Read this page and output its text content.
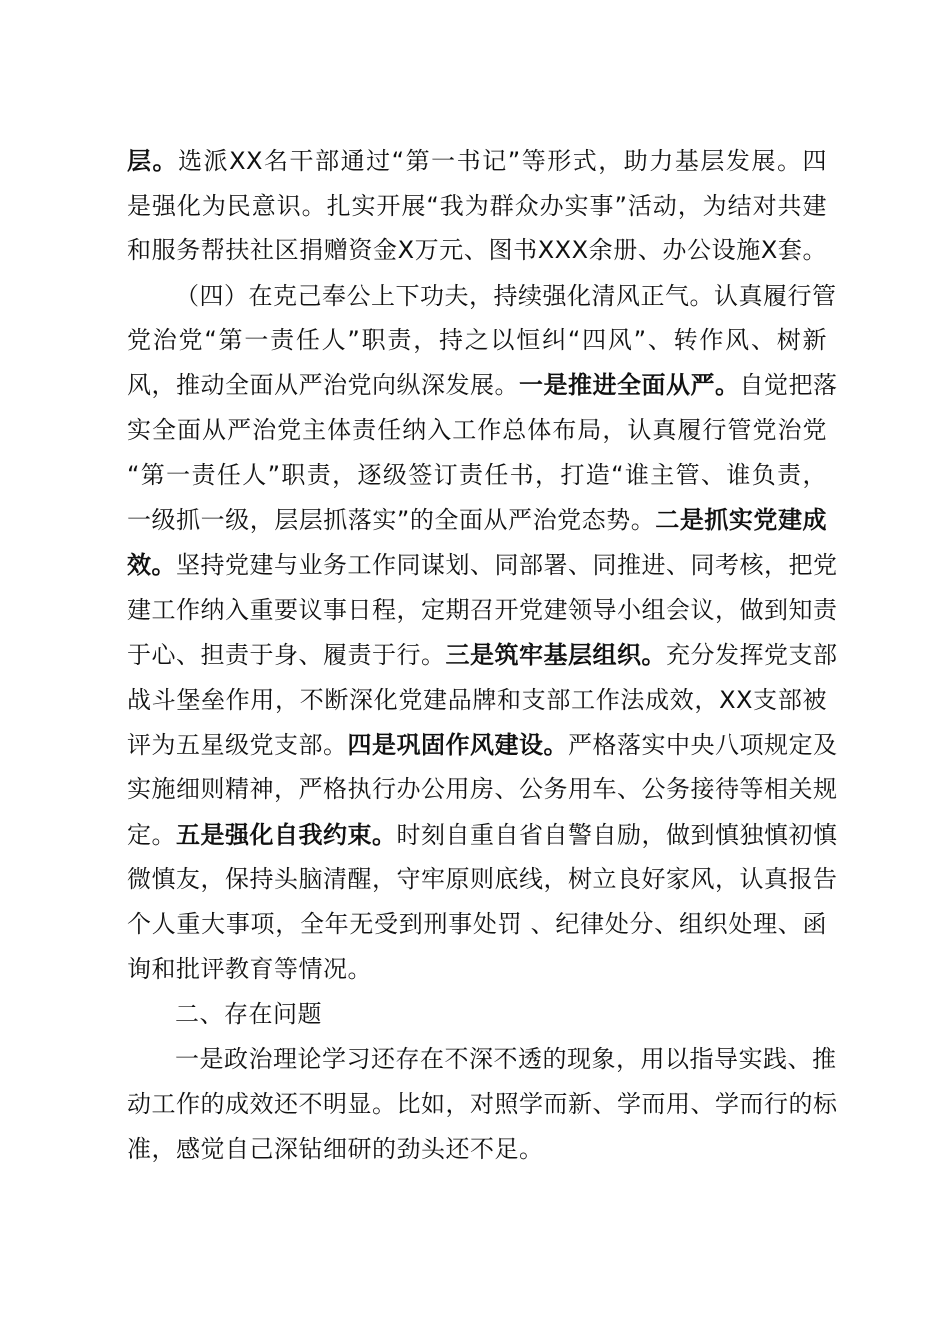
层。选派XX名干部通过“第一书记”等形式，助力基层发展。四
是强化为民意识。扎实开展“我为群众办实事”活动，为结对共建
和服务帮扶社区捐赠资金X万元、图书XXX余册、办公设施X套。
（四）在克己奉公上下功夫，持续强化清风正气。认真履行管
党治党“第一责任人”职责，持之以恒纠“四风”、转作风、树新
风，推动全面从严治党向纵深发展。一是推进全面从严。自觉把落
实全面从严治党主体责任纳入工作总体布局，认真履行管党治党
“第一责任人”职责，逐级签订责任书，打造“谁主管、谁负责，
一级抓一级，层层抓落实”的全面从严治党态势。二是抓实党建成
效。坚持党建与业务工作同谋划、同部署、同推进、同考核，把党
建工作纳入重要议事日程，定期召开党建领导小组会议，做到知责
于心、担责于身、履责于行。三是筑牢基层组织。充分发挥党支部
战斗堡垒作用，不断深化党建品牌和支部工作法成效，XX支部被
评为五星级党支部。四是巩固作风建设。严格落实中央八项规定及
实施细则精神，严格执行办公用房、公务用车、公务接待等相关规
定。五是强化自我约束。时刻自重自省自警自励，做到慎独慎初慎
微慎友，保持头脑清醒，守牢原则底线，树立良好家风，认真报告
个人重大事项，全年无受到刑事处罚 、纪律处分、组织处理、函
询和批评教育等情况。
二、存在问题
一是政治理论学习还存在不深不透的现象，用以指导实践、推
动工作的成效还不明显。比如，对照学而新、学而用、学而行的标
准，感觉自己深钻细研的劲头还不足。
